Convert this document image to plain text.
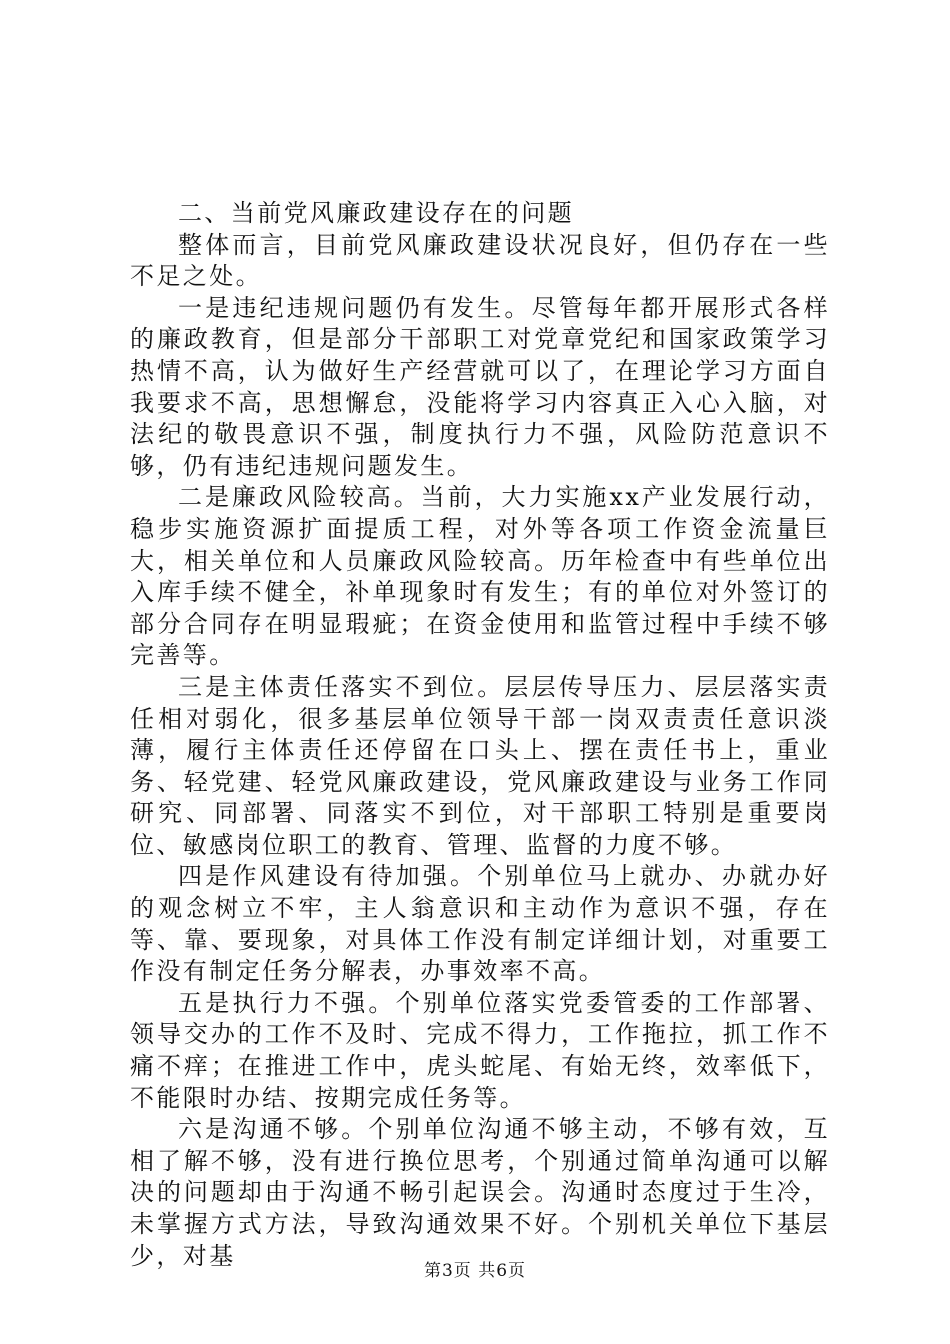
二、当前党风廉政建设存在的问题

整体而言，目前党风廉政建设状况良好，但仍存在一些不足之处。

一是违纪违规问题仍有发生。尽管每年都开展形式各样的廉政教育，但是部分干部职工对党章党纪和国家政策学习热情不高，认为做好生产经营就可以了，在理论学习方面自我要求不高，思想懈怠，没能将学习内容真正入心入脑，对法纪的敬畏意识不强，制度执行力不强，风险防范意识不够，仍有违纪违规问题发生。

二是廉政风险较高。当前，大力实施xx产业发展行动，稳步实施资源扩面提质工程，对外等各项工作资金流量巨大，相关单位和人员廉政风险较高。历年检查中有些单位出入库手续不健全，补单现象时有发生；有的单位对外签订的部分合同存在明显瑕疵；在资金使用和监管过程中手续不够完善等。

三是主体责任落实不到位。层层传导压力、层层落实责任相对弱化，很多基层单位领导干部一岗双责责任意识淡薄，履行主体责任还停留在口头上、摆在责任书上，重业务、轻党建、轻党风廉政建设，党风廉政建设与业务工作同研究、同部署、同落实不到位，对干部职工特别是重要岗位、敏感岗位职工的教育、管理、监督的力度不够。

四是作风建设有待加强。个别单位马上就办、办就办好的观念树立不牢，主人翁意识和主动作为意识不强，存在等、靠、要现象，对具体工作没有制定详细计划，对重要工作没有制定任务分解表，办事效率不高。

五是执行力不强。个别单位落实党委管委的工作部署、领导交办的工作不及时、完成不得力，工作拖拉，抓工作不痛不痒；在推进工作中，虎头蛇尾、有始无终，效率低下，不能限时办结、按期完成任务等。

六是沟通不够。个别单位沟通不够主动，不够有效，互相了解不够，没有进行换位思考，个别通过简单沟通可以解决的问题却由于沟通不畅引起误会。沟通时态度过于生冷，未掌握方式方法，导致沟通效果不好。个别机关单位下基层少，对基

第3页 共6页
